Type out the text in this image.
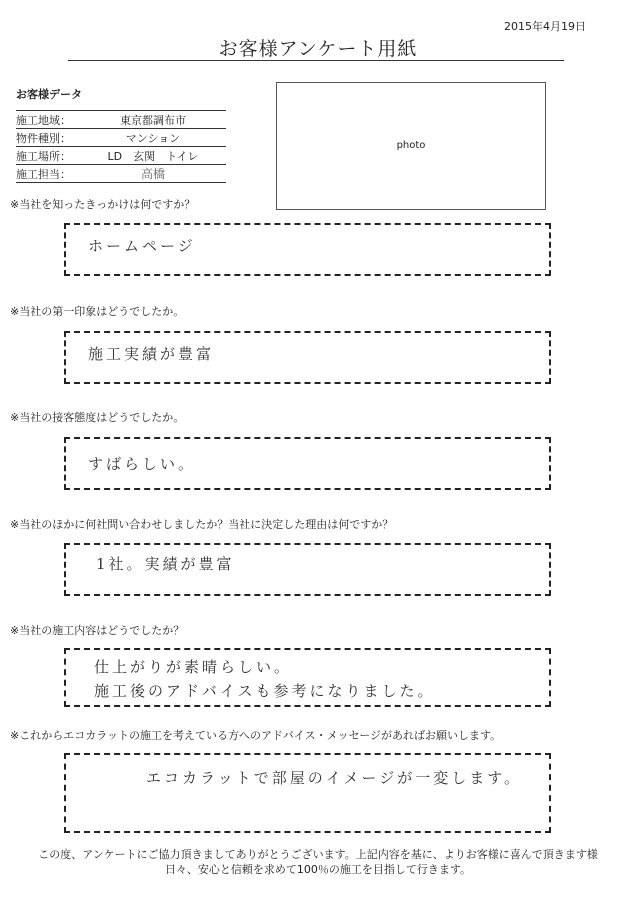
2015年4月19日
お客様アンケート用紙
お客様データ
施工地域：	東京都調布市
物件種別：	マンション
施工場所：	LD　玄関　トイレ
施工担当：	高橋
photo
※当社を知ったきっかけは何ですか？
ホームページ
※当社の第一印象はどうでしたか。
施工実績が豊富
※当社の接客態度はどうでしたか。
すばらしい。
※当社のほかに何社問い合わせしましたか？当社に決定した理由は何ですか？
1社。実績が豊富
※当社の施工内容はどうでしたか？
仕上がりが素晴らしい。
施工後のアドバイスも参考になりました。
※これからエコカラットの施工を考えている方へのアドバイス・メッセージがあればお願いします。
エコカラットで部屋のイメージが一変します。
この度、アンケートにご協力頂きましてありがとうございます。上記内容を基に、よりお客様に喜んで頂きます様
日々、安心と信頼を求めて100％の施工を目指して行きます。
